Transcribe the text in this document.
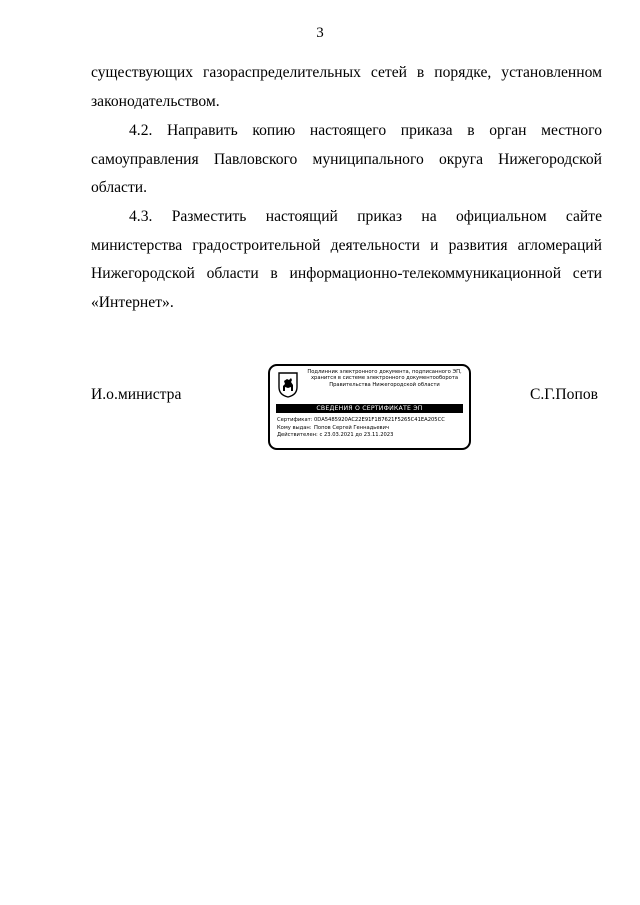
3

существующих газораспределительных сетей в порядке, установленном законодательством.

4.2. Направить копию настоящего приказа в орган местного самоуправления Павловского муниципального округа Нижегородской области.

4.3. Разместить настоящий приказ на официальном сайте министерства градостроительной деятельности и развития агломераций Нижегородской области в информационно-телекоммуникационной сети «Интернет».

И.о.министра
Подлинник электронного документа, подписанного ЭП,
хранится в системе электронного документооборота
Правительства Нижегородской области
СВЕДЕНИЯ О СЕРТИФИКАТЕ ЭП
Сертификат: 0DA5485920AC22E91F1B7621F5265C41EA205CC
Кому выдан: Попов Сергей Геннадьевич
Действителен: с 23.03.2021 до 23.11.2023
С.Г.Попов
